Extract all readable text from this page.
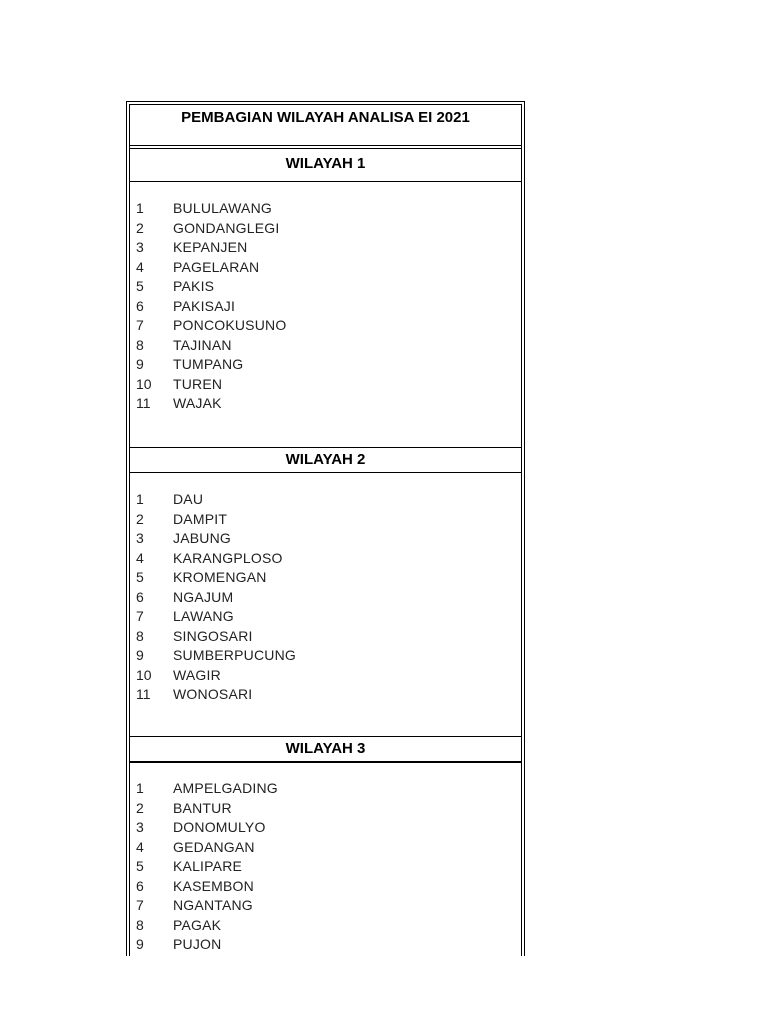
PEMBAGIAN WILAYAH ANALISA EI 2021
WILAYAH 1
1	BULULAWANG
2	GONDANGLEGI
3	KEPANJEN
4	PAGELARAN
5	PAKIS
6	PAKISAJI
7	PONCOKUSUNO
8	TAJINAN
9	TUMPANG
10	TUREN
11	WAJAK
WILAYAH 2
1	DAU
2	DAMPIT
3	JABUNG
4	KARANGPLOSO
5	KROMENGAN
6	NGAJUM
7	LAWANG
8	SINGOSARI
9	SUMBERPUCUNG
10	WAGIR
11	WONOSARI
WILAYAH 3
1	AMPELGADING
2	BANTUR
3	DONOMULYO
4	GEDANGAN
5	KALIPARE
6	KASEMBON
7	NGANTANG
8	PAGAK
9	PUJON
